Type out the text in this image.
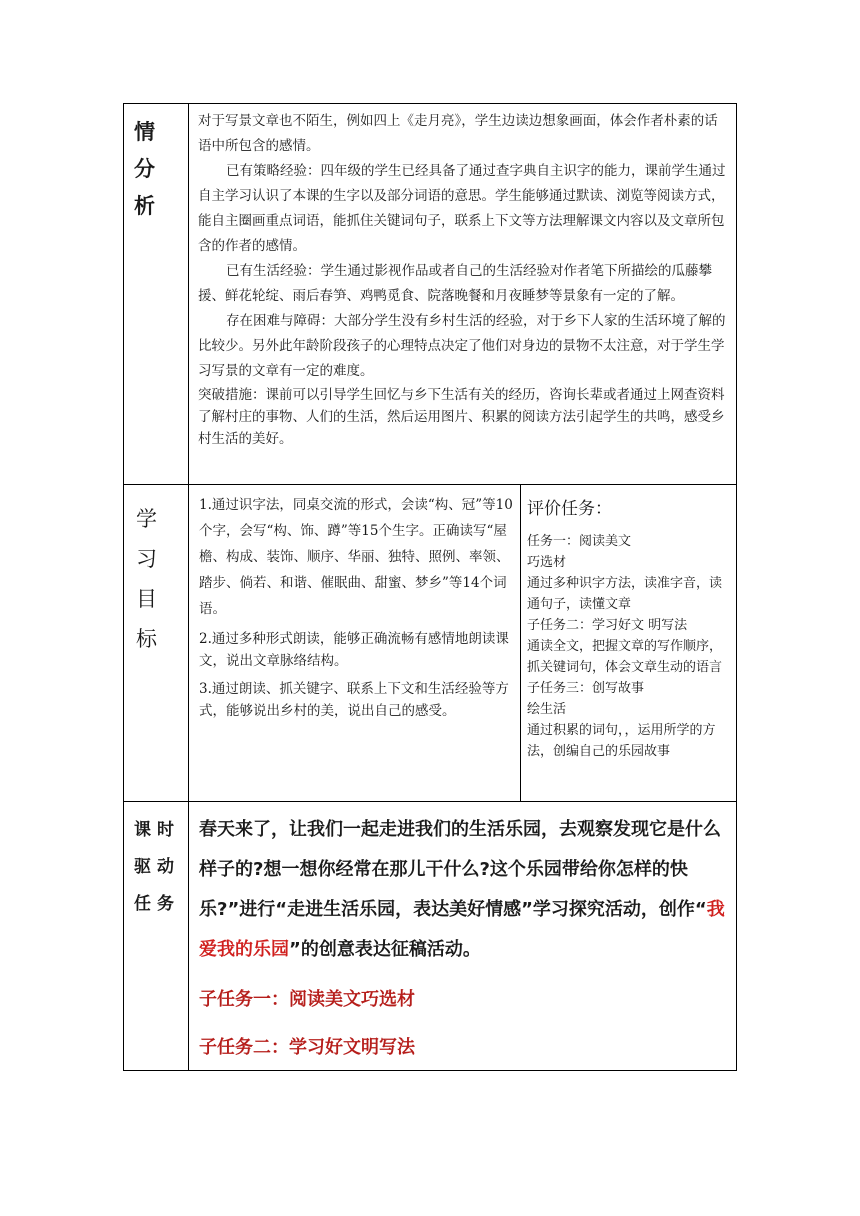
情
分
析

对于写景文章也不陌生，例如四上《走月亮》，学生边读边想象画面，体会作者朴素的话语中所包含的感情。

已有策略经验：四年级的学生已经具备了通过查字典自主识字的能力，课前学生通过自主学习认识了本课的生字以及部分词语的意思。学生能够通过默读、浏览等阅读方式，能自主圈画重点词语，能抓住关键词句子，联系上下文等方法理解课文内容以及文章所包含的作者的感情。

已有生活经验：学生通过影视作品或者自己的生活经验对作者笔下所描绘的瓜藤攀援、鲜花轮绽、雨后春笋、鸡鸭觅食、院落晚餐和月夜睡梦等景象有一定的了解。

存在困难与障碍：大部分学生没有乡村生活的经验，对于乡下人家的生活环境了解的比较少。另外此年龄阶段孩子的心理特点决定了他们对身边的景物不太注意，对于学生学习写景的文章有一定的难度。

突破措施：课前可以引导学生回忆与乡下生活有关的经历，咨询长辈或者通过上网查资料了解村庄的事物、人们的生活，然后运用图片、积累的阅读方法引起学生的共鸣，感受乡村生活的美好。

学
习
目
标

1.通过识字法，同桌交流的形式，会读“构、冠”等10个字，会写“构、饰、蹲”等15个生字。正确读写“屋檐、构成、装饰、顺序、华丽、独特、照例、率领、踏步、倘若、和谐、催眠曲、甜蜜、梦乡”等14个词语。

2.通过多种形式朗读，能够正确流畅有感情地朗读课文，说出文章脉络结构。

3.通过朗读、抓关键字、联系上下文和生活经验等方式，能够说出乡村的美，说出自己的感受。

评价任务：
任务一：阅读美文
巧选材
通过多种识字方法，读准字音，读通句子，读懂文章
子任务二：学习好文 明写法
通读全文，把握文章的写作顺序，抓关键词句，体会文章生动的语言
子任务三：创写故事
绘生活
通过积累的词句，，运用所学的方法，创编自己的乐园故事
课时
驱动
任务

春天来了，让我们一起走进我们的生活乐园，去观察发现它是什么样子的?想一想你经常在那儿干什么?这个乐园带给你怎样的快乐?”进行“走进生活乐园，表达美好情感”学习探究活动，创作“我爱我的乐园”的创意表达征稿活动。

子任务一：阅读美文巧选材

子任务二：学习好文明写法
